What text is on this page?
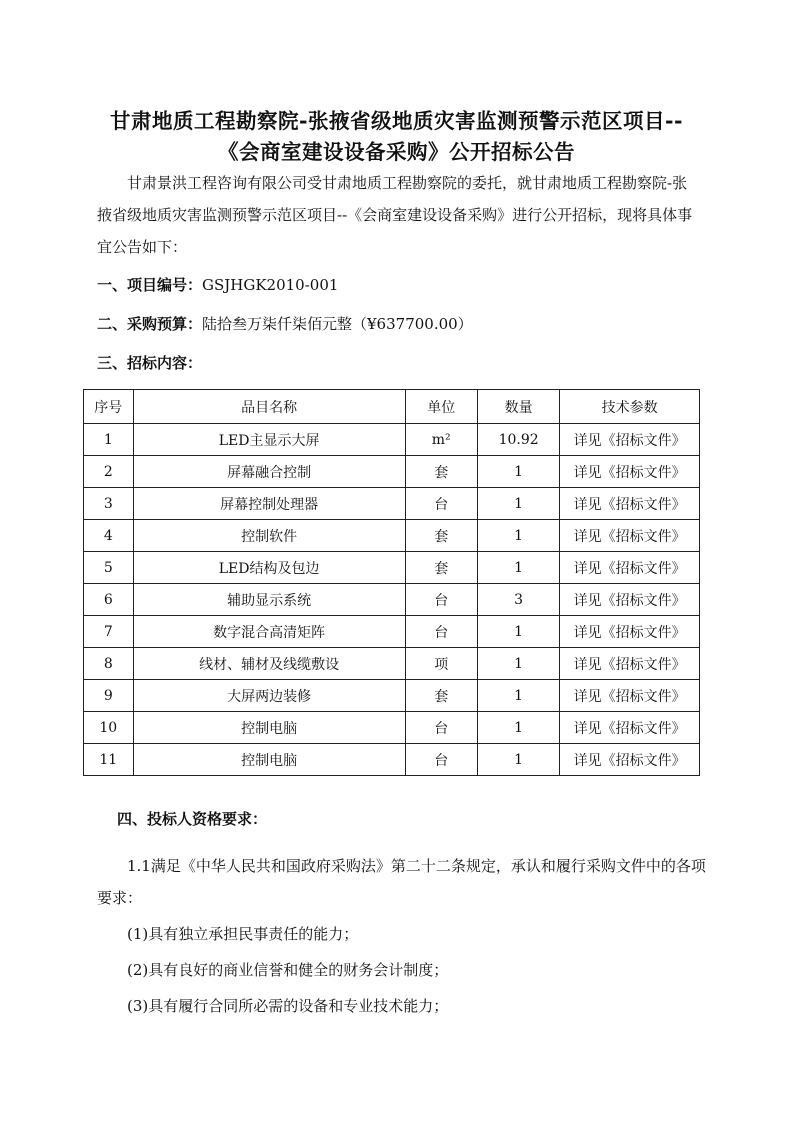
甘肃地质工程勘察院-张掖省级地质灾害监测预警示范区项目--
《会商室建设设备采购》公开招标公告
甘肃景洪工程咨询有限公司受甘肃地质工程勘察院的委托，就甘肃地质工程勘察院-张掖省级地质灾害监测预警示范区项目--《会商室建设设备采购》进行公开招标，现将具体事宜公告如下：
一、项目编号：GSJHGK2010-001
二、采购预算：陆拾叁万柒仟柒佰元整（¥637700.00）
三、招标内容：
序号	品目名称	单位	数量	技术参数
1	LED主显示大屏	m²	10.92	详见《招标文件》
2	屏幕融合控制	套	1	详见《招标文件》
3	屏幕控制处理器	台	1	详见《招标文件》
4	控制软件	套	1	详见《招标文件》
5	LED结构及包边	套	1	详见《招标文件》
6	辅助显示系统	台	3	详见《招标文件》
7	数字混合高清矩阵	台	1	详见《招标文件》
8	线材、辅材及线缆敷设	项	1	详见《招标文件》
9	大屏两边装修	套	1	详见《招标文件》
10	控制电脑	台	1	详见《招标文件》
11	控制电脑	台	1	详见《招标文件》
四、投标人资格要求：
1.1满足《中华人民共和国政府采购法》第二十二条规定，承认和履行采购文件中的各项要求：
(1)具有独立承担民事责任的能力；
(2)具有良好的商业信誉和健全的财务会计制度；
(3)具有履行合同所必需的设备和专业技术能力；
